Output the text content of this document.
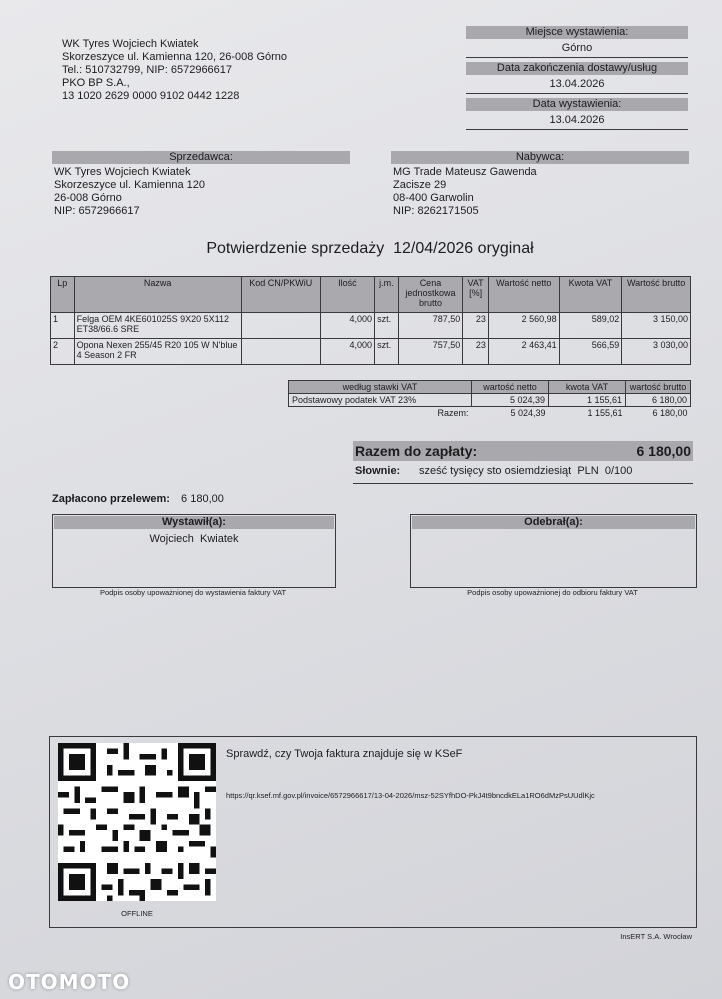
WK Tyres Wojciech Kwiatek
Skorzeszyce ul. Kamienna 120, 26-008 Górno
Tel.: 510732799, NIP: 6572966617
PKO BP S.A.,
13 1020 2629 0000 9102 0442 1228
Miejsce wystawienia:
Górno
Data zakończenia dostawy/usług
13.04.2026
Data wystawienia:
13.04.2026
Sprzedawca:
WK Tyres Wojciech Kwiatek
Skorzeszyce ul. Kamienna 120
26-008 Górno
NIP: 6572966617
Nabywca:
MG Trade Mateusz Gawenda
Zacisze 29
08-400 Garwolin
NIP: 8262171505
Potwierdzenie sprzedaży  12/04/2026 oryginał
Lp	Nazwa	Kod CN/PKWiU	Ilość	j.m.	Cena jednostkowa brutto	VAT [%]	Wartość netto	Kwota VAT	Wartość brutto
1	Felga OEM 4KE601025S 9X20 5X112 ET38/66.6 SRE		4,000	szt.	787,50	23	2 560,98	589,02	3 150,00
2	Opona Nexen 255/45 R20 105 W N'blue 4 Season 2 FR		4,000	szt.	757,50	23	2 463,41	566,59	3 030,00
według stawki VAT	wartość netto	kwota VAT	wartość brutto
Podstawowy podatek VAT 23%	5 024,39	1 155,61	6 180,00
Razem:	5 024,39	1 155,61	6 180,00
Razem do zapłaty:	6 180,00
Słownie: sześć tysięcy sto osiemdziesiąt  PLN  0/100
Zapłacono przelewem: 6 180,00
Wystawił(a):
Wojciech  Kwiatek
Podpis osoby upoważnionej do wystawienia faktury VAT
Odebrał(a):
Podpis osoby upoważnionej do odbioru faktury VAT
OFFLINE
Sprawdź, czy Twoja faktura znajduje się w KSeF
https://qr.ksef.mf.gov.pl/invoice/6572966617/13-04-2026/msz-52SYfhDO-PkJ4t9bncdkELa1RO6dMzPsUUdlKjc
InsERT S.A. Wrocław
OTOMOTO
